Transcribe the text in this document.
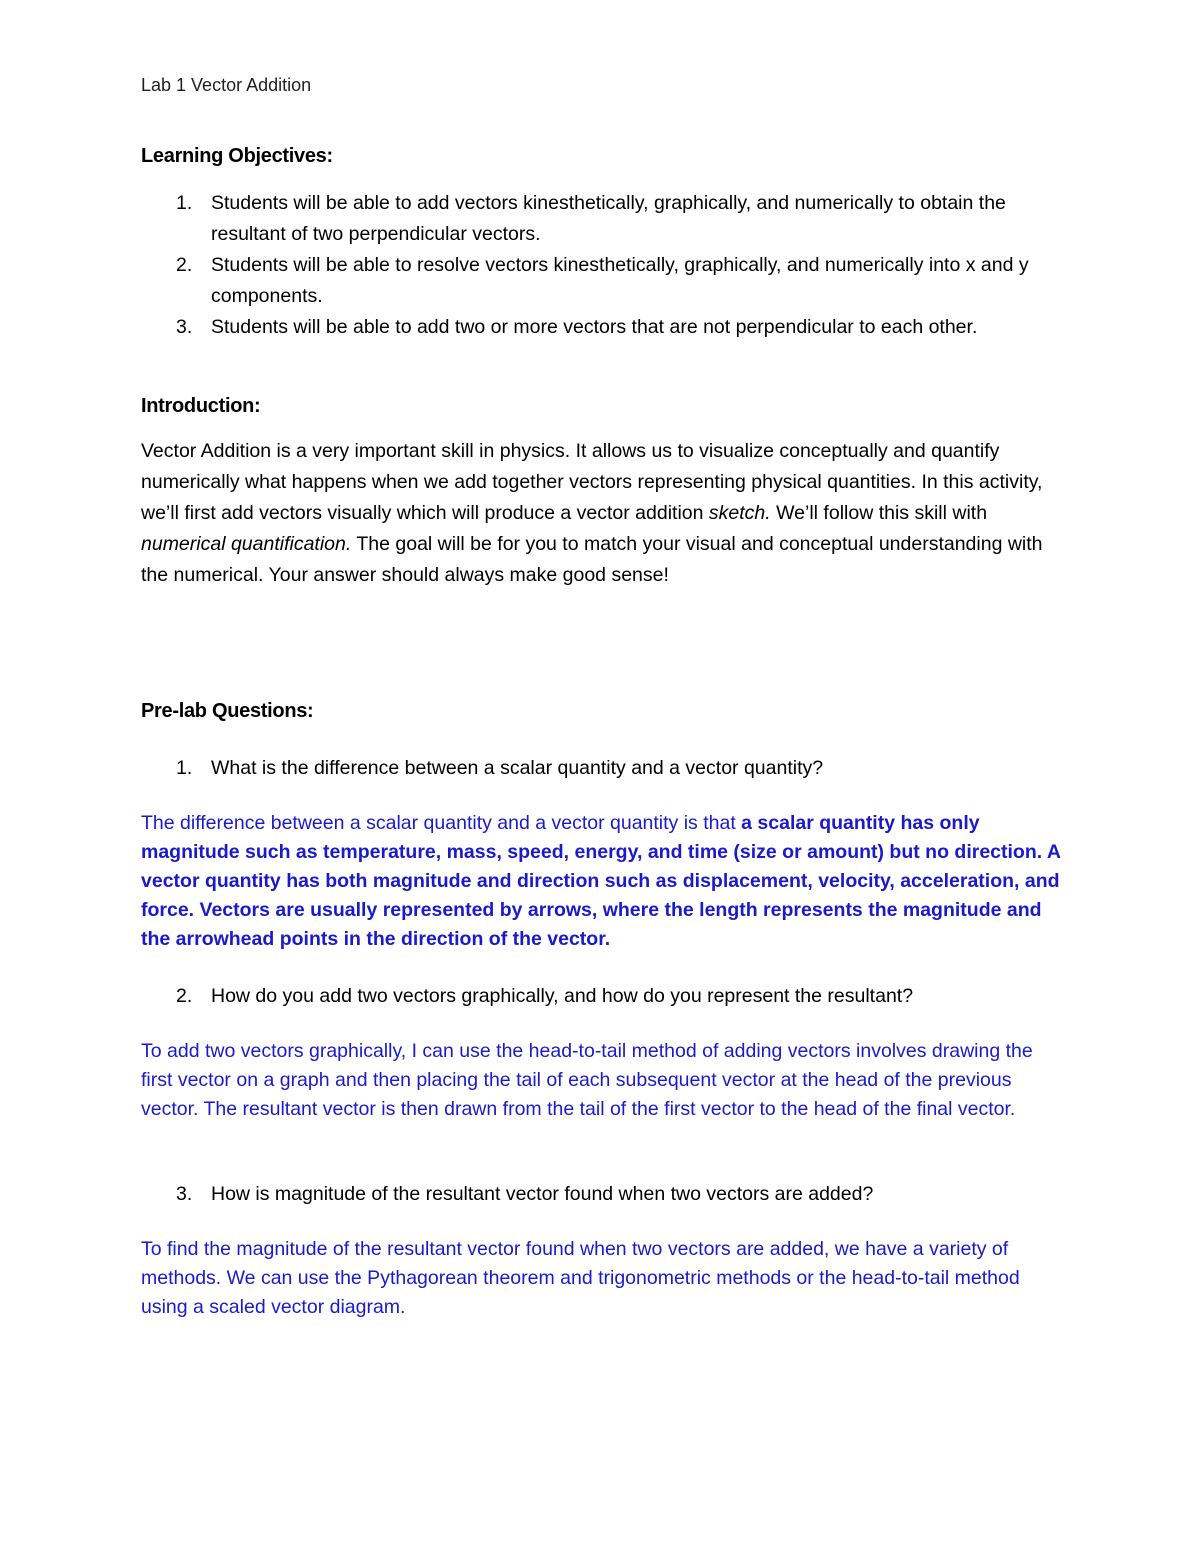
Lab 1 Vector Addition
Learning Objectives:
1. Students will be able to add vectors kinesthetically, graphically, and numerically to obtain the resultant of two perpendicular vectors.
2. Students will be able to resolve vectors kinesthetically, graphically, and numerically into x and y components.
3. Students will be able to add two or more vectors that are not perpendicular to each other.
Introduction:

Vector Addition is a very important skill in physics. It allows us to visualize conceptually and quantify numerically what happens when we add together vectors representing physical quantities. In this activity, we’ll first add vectors visually which will produce a vector addition sketch. We’ll follow this skill with numerical quantification. The goal will be for you to match your visual and conceptual understanding with the numerical. Your answer should always make good sense!

Pre-lab Questions:
1. What is the difference between a scalar quantity and a vector quantity?

The difference between a scalar quantity and a vector quantity is that a scalar quantity has only magnitude such as temperature, mass, speed, energy, and time (size or amount) but no direction. A vector quantity has both magnitude and direction such as displacement, velocity, acceleration, and force. Vectors are usually represented by arrows, where the length represents the magnitude and the arrowhead points in the direction of the vector.

2. How do you add two vectors graphically, and how do you represent the resultant?

To add two vectors graphically, I can use the head-to-tail method of adding vectors involves drawing the first vector on a graph and then placing the tail of each subsequent vector at the head of the previous vector. The resultant vector is then drawn from the tail of the first vector to the head of the final vector.

3. How is magnitude of the resultant vector found when two vectors are added?

To find the magnitude of the resultant vector found when two vectors are added, we have a variety of methods. We can use the Pythagorean theorem and trigonometric methods or the head-to-tail method using a scaled vector diagram.
